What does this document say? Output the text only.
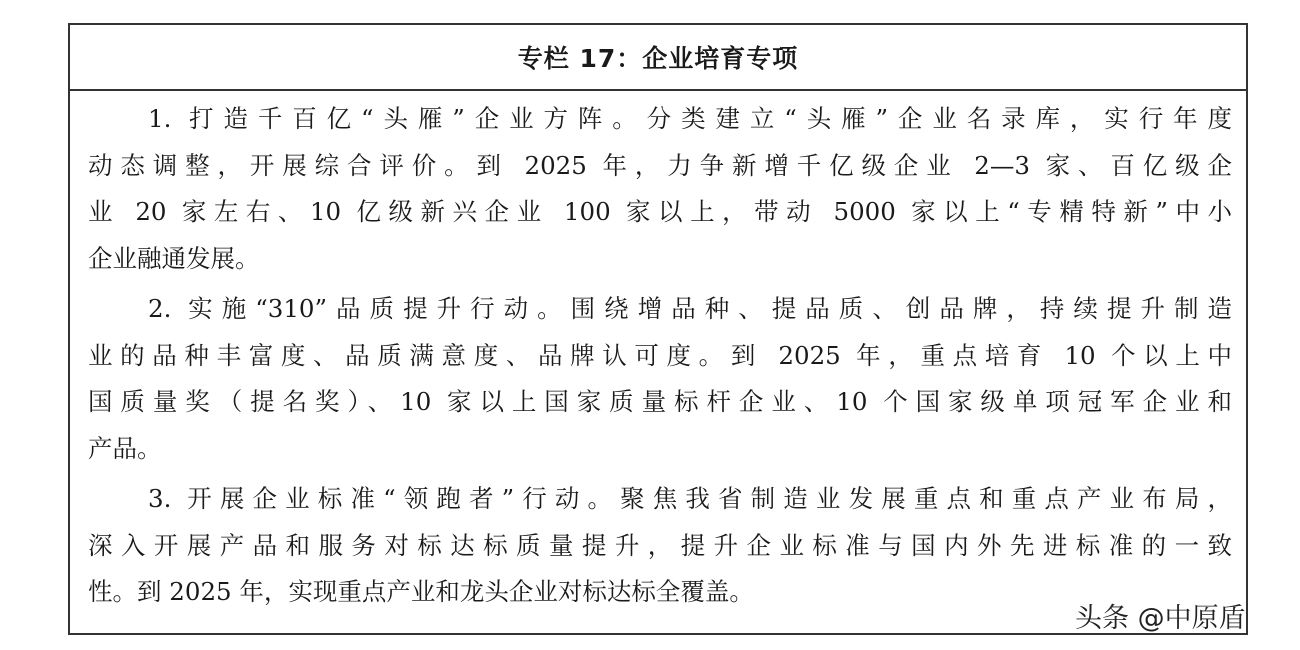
专栏 17：企业培育专项
1. 打造千百亿“头雁”企业方阵。分类建立“头雁”企业名录库，实行年度
动态调整，开展综合评价。到 2025 年，力争新增千亿级企业 2—3 家、百亿级企
业 20 家左右、10 亿级新兴企业 100 家以上，带动 5000 家以上“专精特新”中小
企业融通发展。
2. 实施“310”品质提升行动。围绕增品种、提品质、创品牌，持续提升制造
业的品种丰富度、品质满意度、品牌认可度。到 2025 年，重点培育 10 个以上中
国质量奖（提名奖）、10 家以上国家质量标杆企业、10 个国家级单项冠军企业和
产品。
3. 开展企业标准“领跑者”行动。聚焦我省制造业发展重点和重点产业布局，
深入开展产品和服务对标达标质量提升，提升企业标准与国内外先进标准的一致
性。到 2025 年，实现重点产业和龙头企业对标达标全覆盖。
头条 @中原盾
